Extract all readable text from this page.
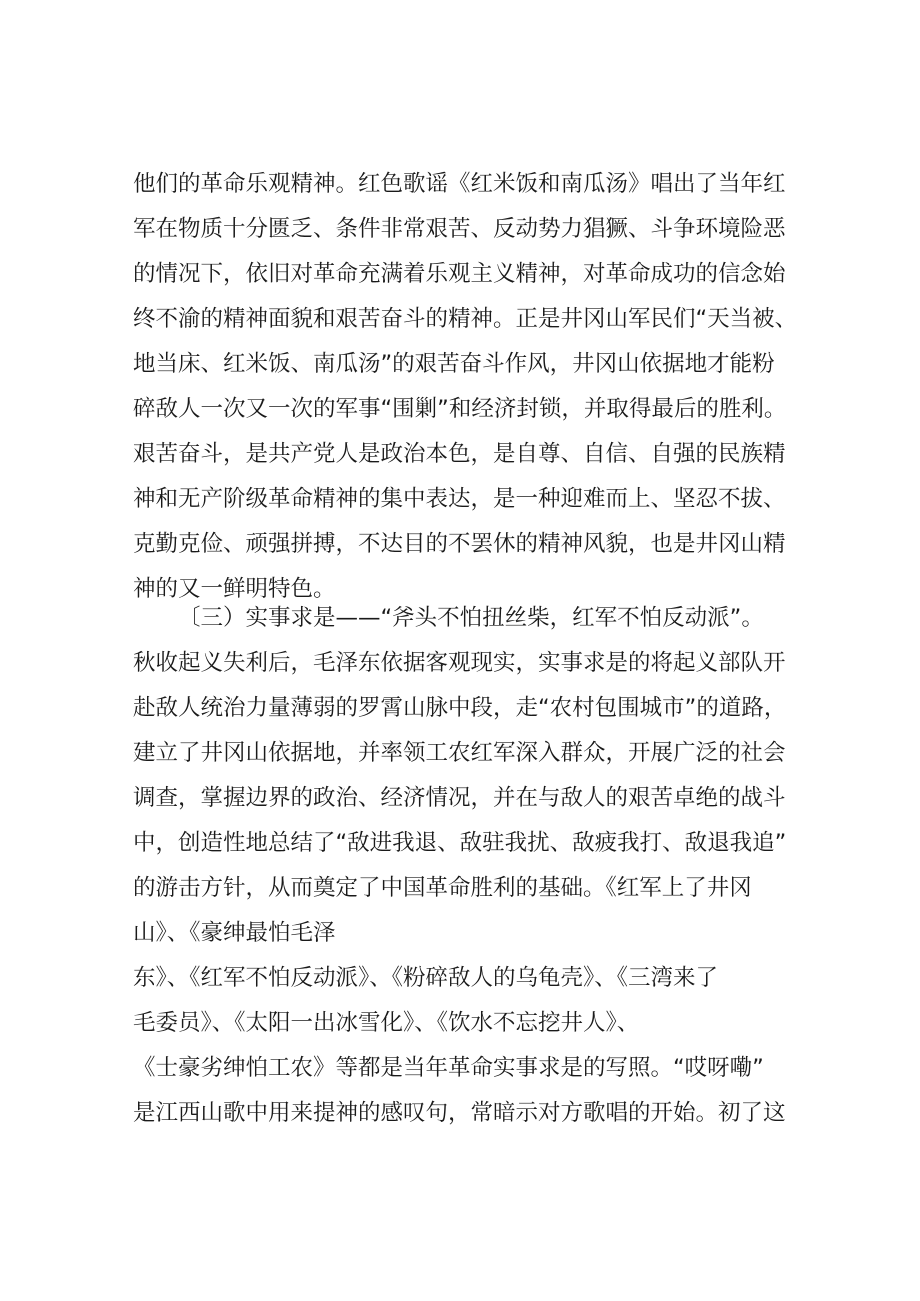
他们的革命乐观精神。红色歌谣《红米饭和南瓜汤》唱出了当年红
军在物质十分匮乏、条件非常艰苦、反动势力猖獗、斗争环境险恶
的情况下，依旧对革命充满着乐观主义精神，对革命成功的信念始
终不渝的精神面貌和艰苦奋斗的精神。正是井冈山军民们“天当被、
地当床、红米饭、南瓜汤”的艰苦奋斗作风，井冈山依据地才能粉
碎敌人一次又一次的军事“围剿”和经济封锁，并取得最后的胜利。
艰苦奋斗，是共产党人是政治本色，是自尊、自信、自强的民族精
神和无产阶级革命精神的集中表达，是一种迎难而上、坚忍不拔、
克勤克俭、顽强拼搏，不达目的不罢休的精神风貌，也是井冈山精
神的又一鲜明特色。
〔三）实事求是——“斧头不怕扭丝柴，红军不怕反动派”。
秋收起义失利后，毛泽东依据客观现实，实事求是的将起义部队开
赴敌人统治力量薄弱的罗霄山脉中段，走“农村包围城市”的道路，
建立了井冈山依据地，并率领工农红军深入群众，开展广泛的社会
调查，掌握边界的政治、经济情况，并在与敌人的艰苦卓绝的战斗
中，创造性地总结了“敌进我退、敌驻我扰、敌疲我打、敌退我追”
的游击方针，从而奠定了中国革命胜利的基础。《红军上了井冈
山》、《豪绅最怕毛泽
东》、《红军不怕反动派》、《粉碎敌人的乌龟壳》、《三湾来了
毛委员》、《太阳一出冰雪化》、《饮水不忘挖井人》、
《士豪劣绅怕工农》等都是当年革命实事求是的写照。“哎呀嘞”
是江西山歌中用来提神的感叹句，常暗示对方歌唱的开始。初了这
